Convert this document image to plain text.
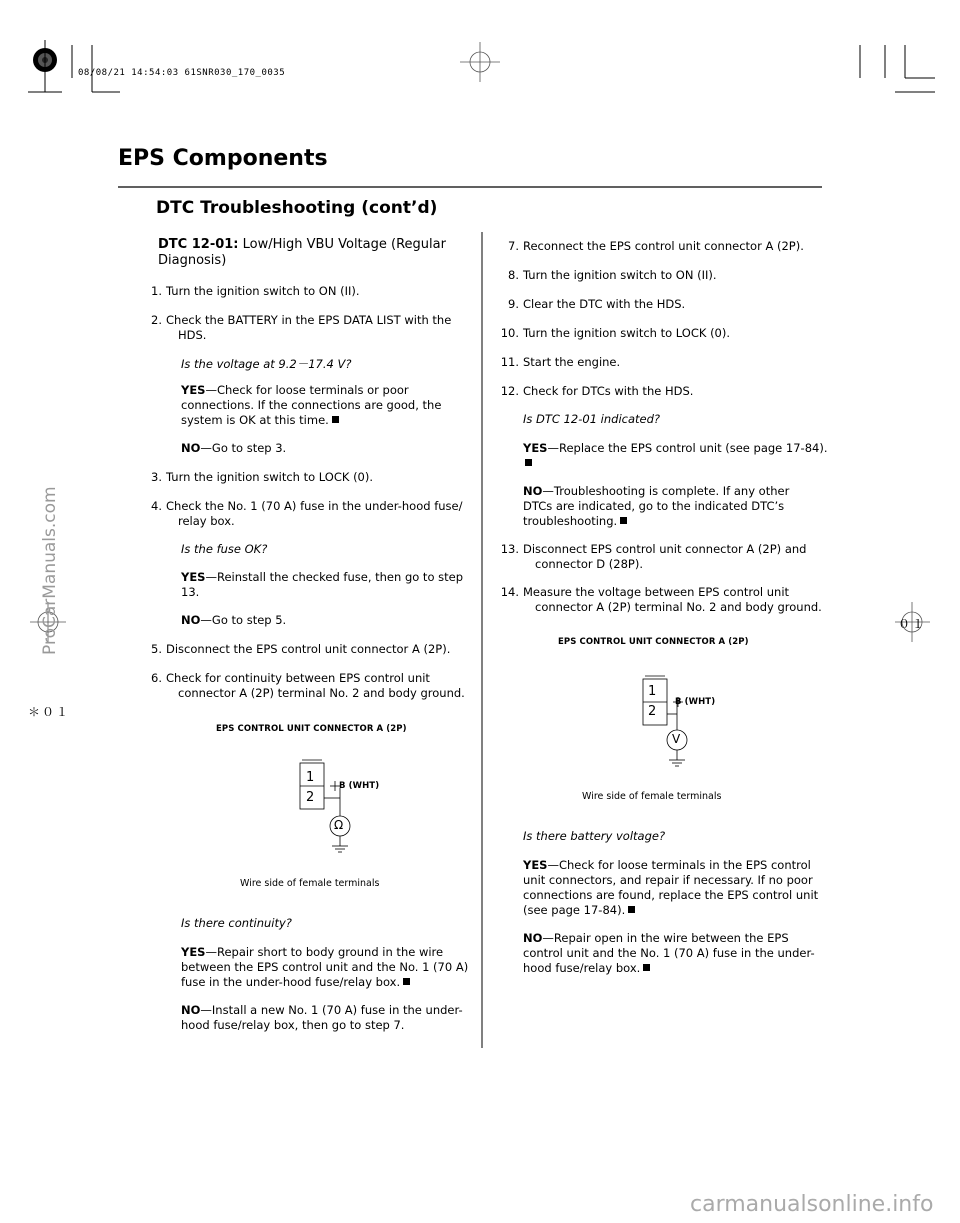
08/08/21 14:54:03 61SNR030_170_0035
EPS Components
DTC Troubleshooting (cont’d)
DTC 12-01: Low/High VBU Voltage (Regular
Diagnosis)
1. Turn the ignition switch to ON (II).
2. Check the BATTERY in the EPS DATA LIST with the
HDS.
Is the voltage at 9.2－17.4 V?
YES—Check for loose terminals or poor
connections. If the connections are good, the
system is OK at this time.
NO—Go to step 3.
3. Turn the ignition switch to LOCK (0).
4. Check the No. 1 (70 A) fuse in the under-hood fuse/
relay box.
Is the fuse OK?
YES—Reinstall the checked fuse, then go to step
13.
NO—Go to step 5.
5. Disconnect the EPS control unit connector A (2P).
6. Check for continuity between EPS control unit
connector A (2P) terminal No. 2 and body ground.
EPS CONTROL UNIT CONNECTOR A (2P)
1
2
B (WHT)
Ω
Wire side of female terminals
Is there continuity?
YES—Repair short to body ground in the wire
between the EPS control unit and the No. 1 (70 A)
fuse in the under-hood fuse/relay box.
NO—Install a new No. 1 (70 A) fuse in the under-
hood fuse/relay box, then go to step 7.
7. Reconnect the EPS control unit connector A (2P).
8. Turn the ignition switch to ON (II).
9. Clear the DTC with the HDS.
10. Turn the ignition switch to LOCK (0).
11. Start the engine.
12. Check for DTCs with the HDS.
Is DTC 12-01 indicated?
YES—Replace the EPS control unit (see page 17-84).

NO—Troubleshooting is complete. If any other
DTCs are indicated, go to the indicated DTC’s
troubleshooting.
13. Disconnect EPS control unit connector A (2P) and
connector D (28P).
14. Measure the voltage between EPS control unit
connector A (2P) terminal No. 2 and body ground.
EPS CONTROL UNIT CONNECTOR A (2P)
1
2
B (WHT)
V
Wire side of female terminals
Is there battery voltage?
YES—Check for loose terminals in the EPS control
unit connectors, and repair if necessary. If no poor
connections are found, replace the EPS control unit
(see page 17-84).
NO—Repair open in the wire between the EPS
control unit and the No. 1 (70 A) fuse in the under-
hood fuse/relay box.
＊０１
０１
ProCarManuals.com
carmanualsonline.info
